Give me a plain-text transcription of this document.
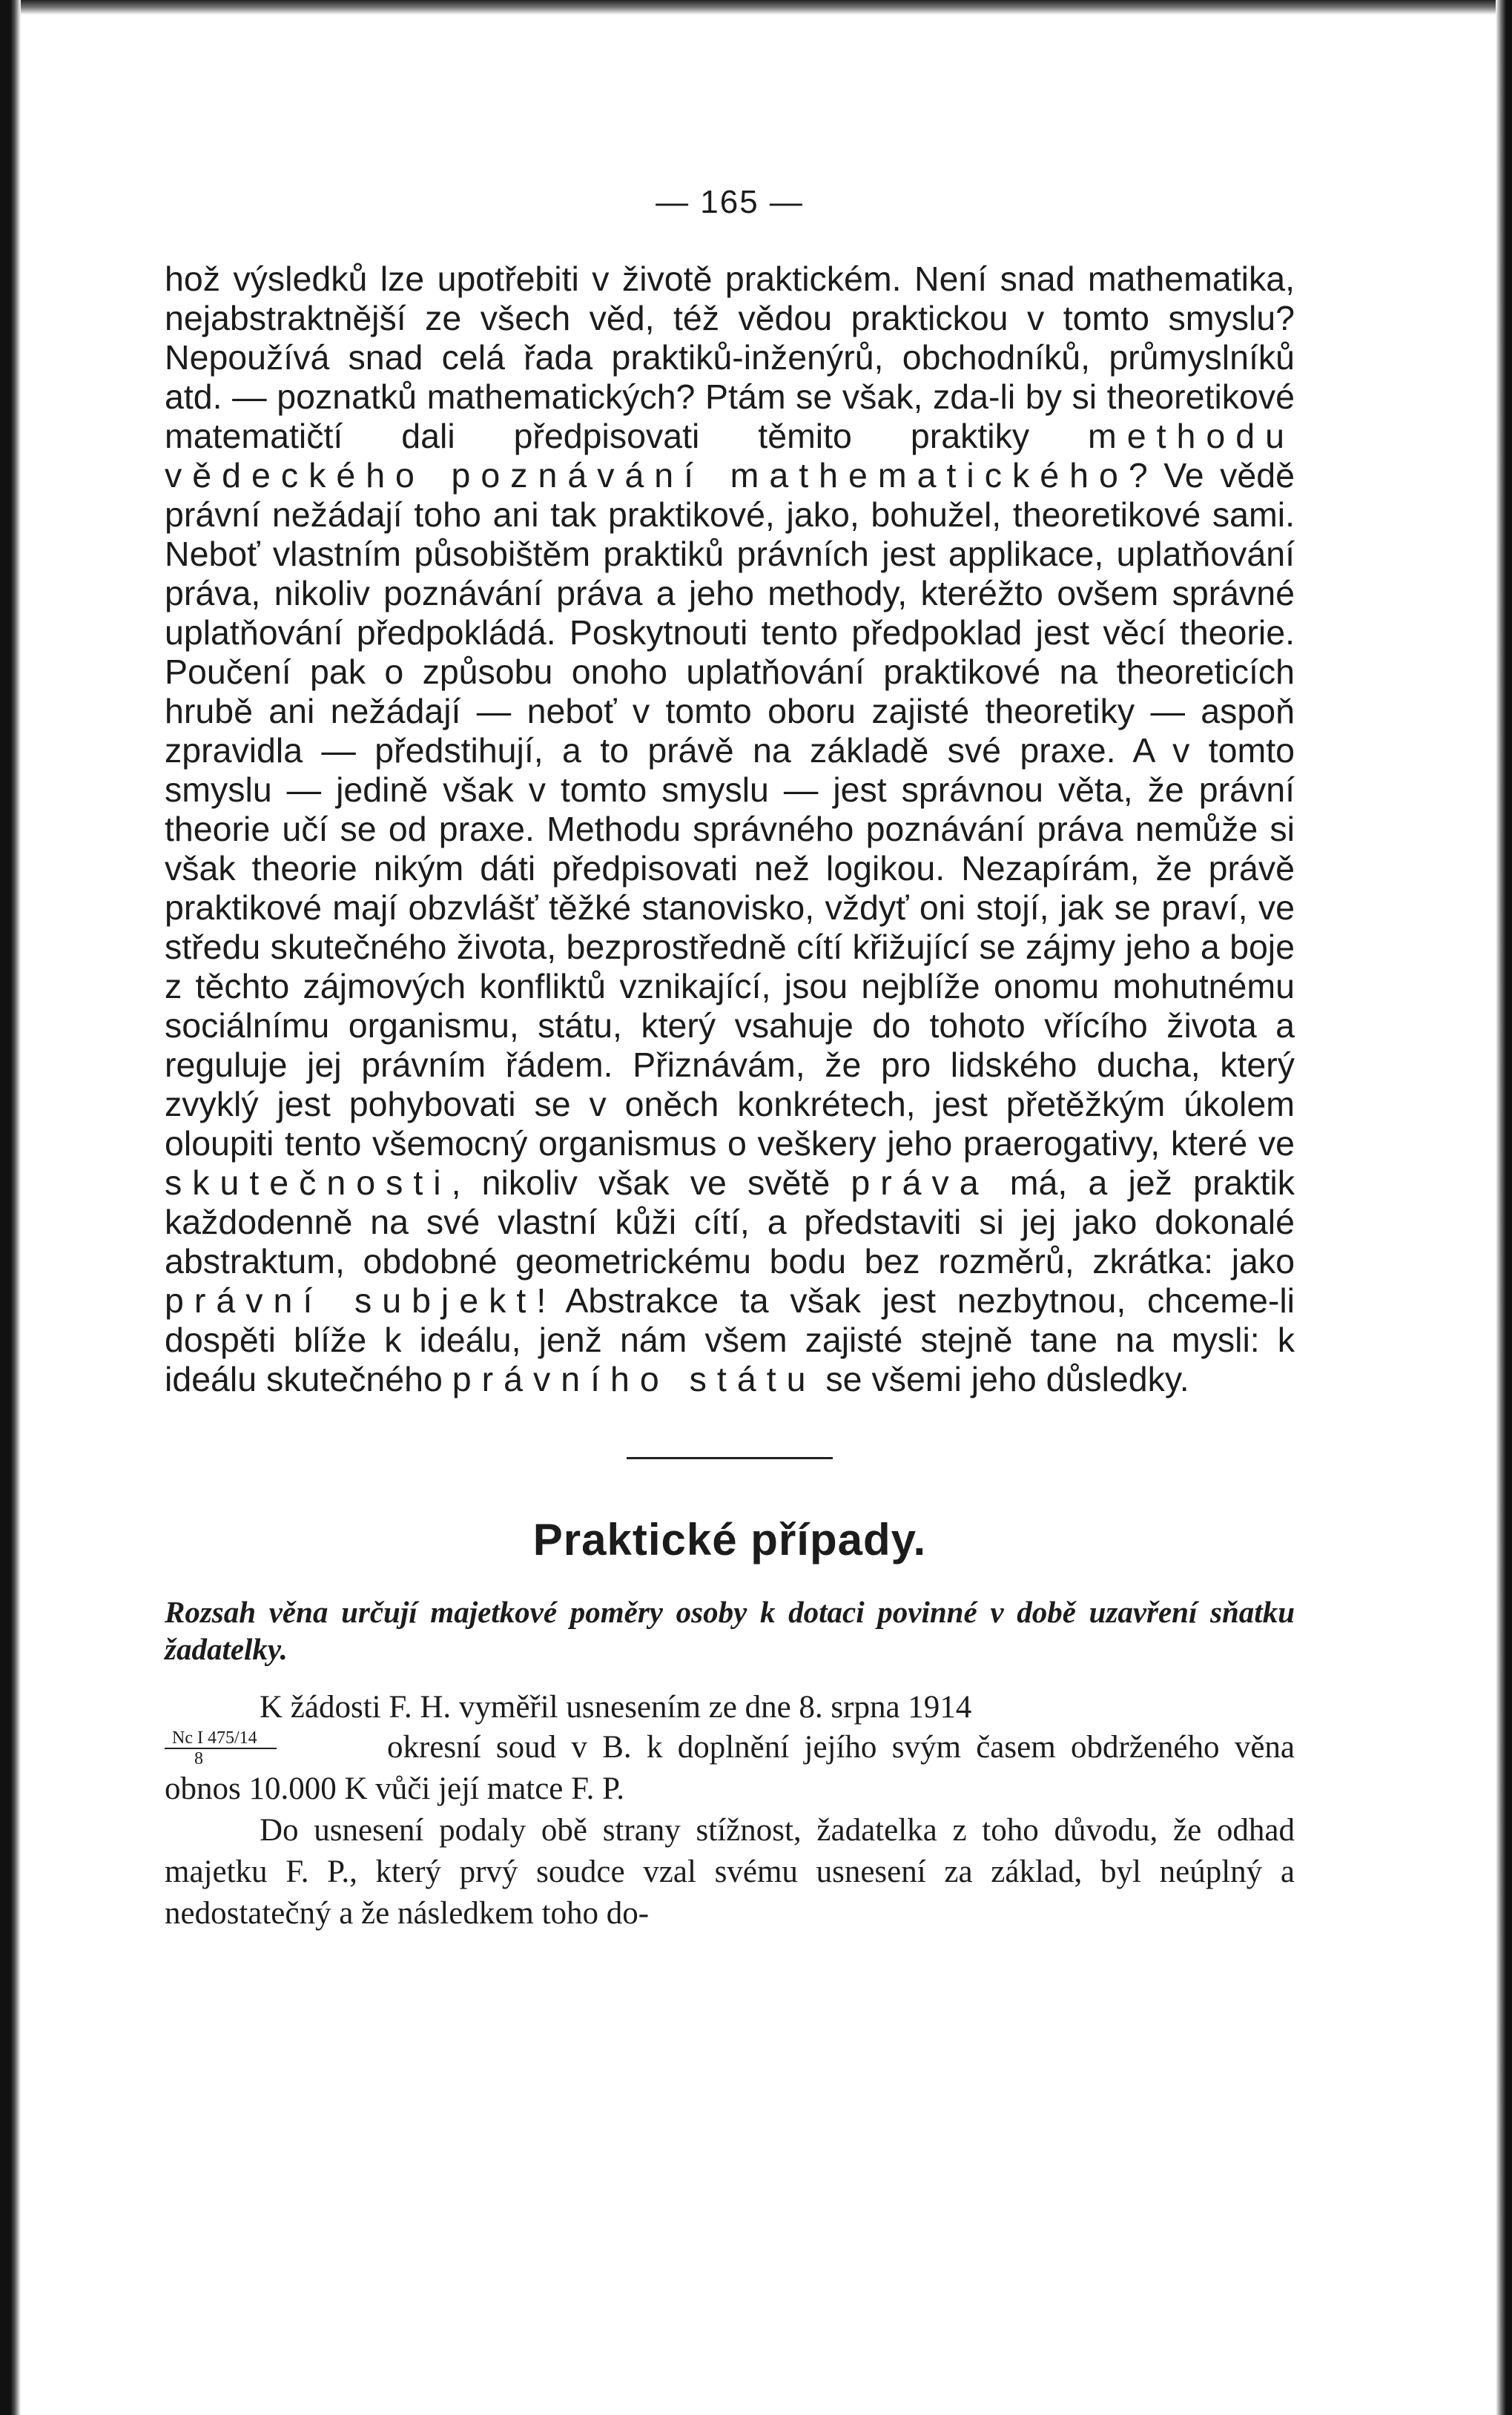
— 165 —

hož výsledků lze upotřebiti v životě praktickém. Není snad mathematika, nejabstraktnější ze všech věd, též vědou praktickou v tomto smyslu? Nepoužívá snad celá řada praktiků-inženýrů, obchodníků, průmyslníků atd. — poznatků mathematických? Ptám se však, zda-li by si theoretikové matematičtí dali předpisovati těmito praktiky methodu vědeckého poznávání mathematického? Ve vědě právní nežádají toho ani tak praktikové, jako, bohužel, theoretikové sami. Neboť vlastním působištěm praktiků právních jest applikace, uplatňování práva, nikoliv poznávání práva a jeho methody, kteréžto ovšem správné uplatňování předpokládá. Poskytnouti tento předpoklad jest věcí theorie. Poučení pak o způsobu onoho uplatňování praktikové na theoreticích hrubě ani nežádají — neboť v tomto oboru zajisté theoretiky — aspoň zpravidla — předstihují, a to právě na základě své praxe. A v tomto smyslu — jedině však v tomto smyslu — jest správnou věta, že právní theorie učí se od praxe. Methodu správného poznávání práva nemůže si však theorie nikým dáti předpisovati než logikou. Nezapírám, že právě praktikové mají obzvlášť těžké stanovisko, vždyť oni stojí, jak se praví, ve středu skutečného života, bezprostředně cítí křižující se zájmy jeho a boje z těchto zájmových konfliktů vznikající, jsou nejblíže onomu mohutnému sociálnímu organismu, státu, který vsahuje do tohoto vřícího života a reguluje jej právním řádem. Přiznávám, že pro lidského ducha, který zvyklý jest pohybovati se v oněch konkrétech, jest přetěžkým úkolem oloupiti tento všemocný organismus o veškery jeho praerogativy, které ve skutečnosti, nikoliv však ve světě práva má, a jež praktik každodenně na své vlastní kůži cítí, a představiti si jej jako dokonalé abstraktum, obdobné geometrickému bodu bez rozměrů, zkrátka: jako právní subjekt! Abstrakce ta však jest nezbytnou, chceme-li dospěti blíže k ideálu, jenž nám všem zajisté stejně tane na mysli: k ideálu skutečného právního státu se všemi jeho důsledky.

Praktické případy.

Rozsah věna určují majetkové poměry osoby k dotaci povinné v době uzavření sňatku žadatelky.

K žádosti F. H. vyměřil usnesením ze dne 8. srpna 1914

$\frac{\text{Nc I 475/14}}{8}$	okresní soud v B. k doplnění jejího svým časem obdrženého věna obnos 10.000 K vůči její matce F. P.

Do usnesení podaly obě strany stížnost, žadatelka z toho důvodu, že odhad majetku F. P., který prvý soudce vzal svému usnesení za základ, byl neúplný a nedostatečný a že následkem toho do-
